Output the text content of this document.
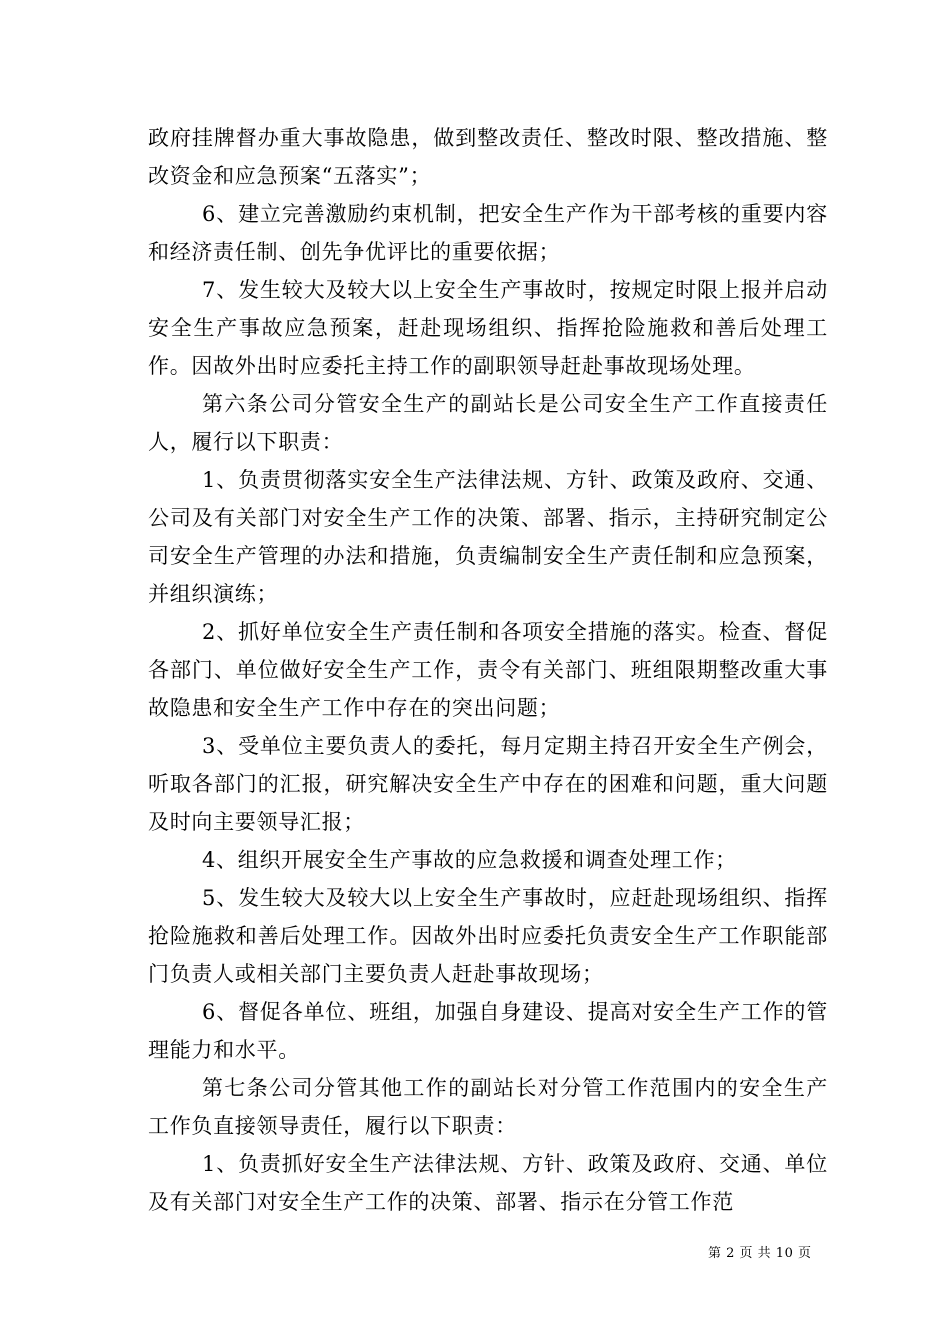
政府挂牌督办重大事故隐患，做到整改责任、整改时限、整改措施、整改资金和应急预案“五落实”；

6、建立完善激励约束机制，把安全生产作为干部考核的重要内容和经济责任制、创先争优评比的重要依据；

7、发生较大及较大以上安全生产事故时，按规定时限上报并启动安全生产事故应急预案，赶赴现场组织、指挥抢险施救和善后处理工作。因故外出时应委托主持工作的副职领导赶赴事故现场处理。

第六条公司分管安全生产的副站长是公司安全生产工作直接责任人，履行以下职责：

1、负责贯彻落实安全生产法律法规、方针、政策及政府、交通、公司及有关部门对安全生产工作的决策、部署、指示，主持研究制定公司安全生产管理的办法和措施，负责编制安全生产责任制和应急预案，并组织演练；

2、抓好单位安全生产责任制和各项安全措施的落实。检查、督促各部门、单位做好安全生产工作，责令有关部门、班组限期整改重大事故隐患和安全生产工作中存在的突出问题；

3、受单位主要负责人的委托，每月定期主持召开安全生产例会，听取各部门的汇报，研究解决安全生产中存在的困难和问题，重大问题及时向主要领导汇报；

4、组织开展安全生产事故的应急救援和调查处理工作；

5、发生较大及较大以上安全生产事故时，应赶赴现场组织、指挥抢险施救和善后处理工作。因故外出时应委托负责安全生产工作职能部门负责人或相关部门主要负责人赶赴事故现场；

6、督促各单位、班组，加强自身建设、提高对安全生产工作的管理能力和水平。

第七条公司分管其他工作的副站长对分管工作范围内的安全生产工作负直接领导责任，履行以下职责：

1、负责抓好安全生产法律法规、方针、政策及政府、交通、单位及有关部门对安全生产工作的决策、部署、指示在分管工作范

第 2 页 共 10 页
